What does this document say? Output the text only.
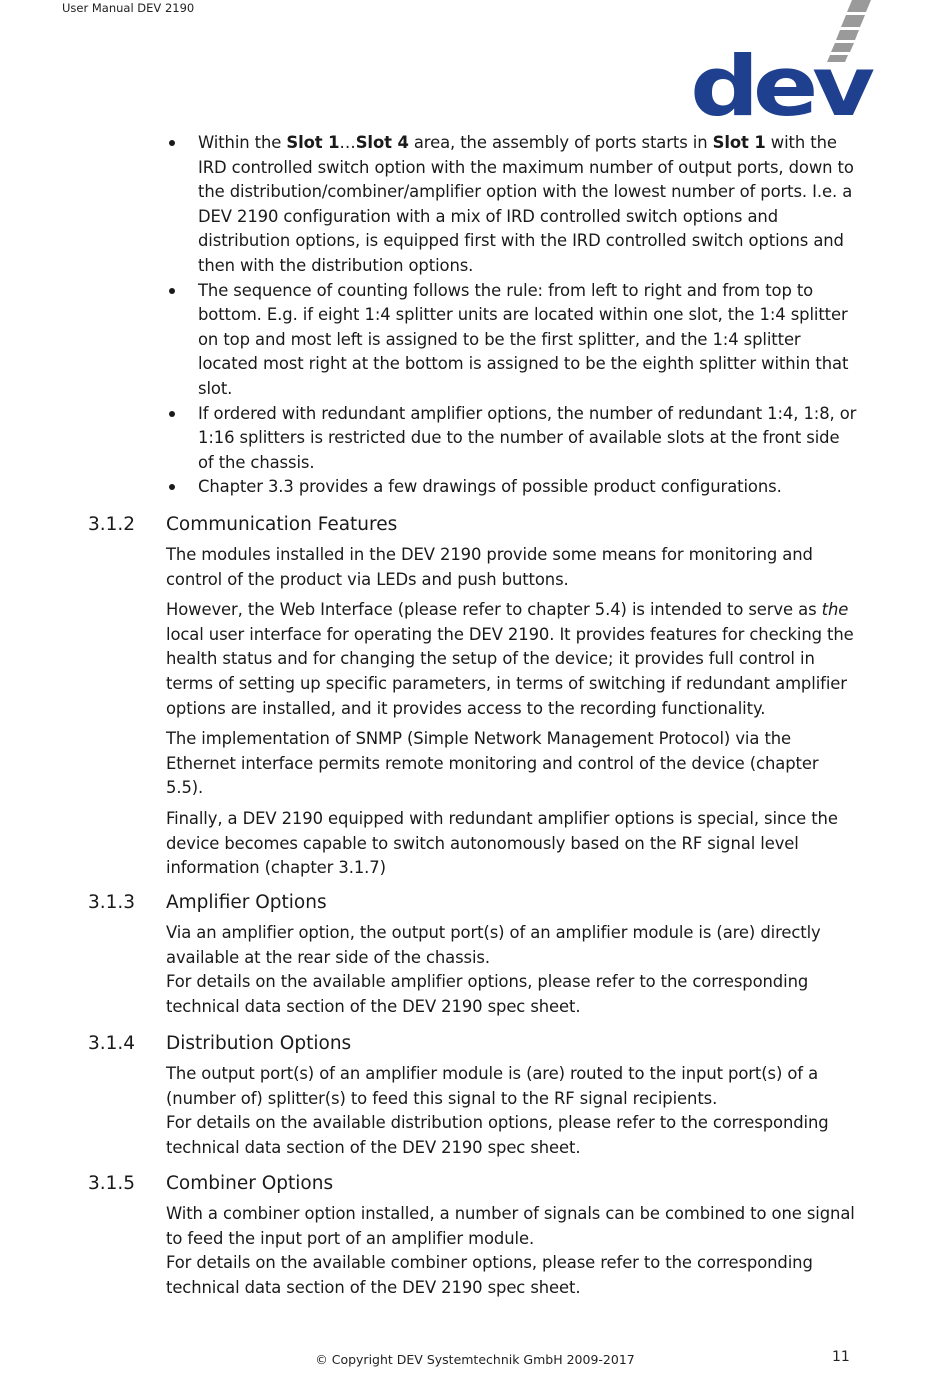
User Manual DEV 2190
dev
Within the Slot 1…Slot 4 area, the assembly of ports starts in Slot 1 with the IRD controlled switch option with the maximum number of output ports, down to the distribution/combiner/amplifier option with the lowest number of ports. I.e. a DEV 2190 configuration with a mix of IRD controlled switch options and distribution options, is equipped first with the IRD controlled switch options and then with the distribution options.
The sequence of counting follows the rule: from left to right and from top to bottom. E.g. if eight 1:4 splitter units are located within one slot, the 1:4 splitter on top and most left is assigned to be the first splitter, and the 1:4 splitter located most right at the bottom is assigned to be the eighth splitter within that slot.
If ordered with redundant amplifier options, the number of redundant 1:4, 1:8, or 1:16 splitters is restricted due to the number of available slots at the front side of the chassis.
Chapter 3.3 provides a few drawings of possible product configurations.
3.1.2 Communication Features

The modules installed in the DEV 2190 provide some means for monitoring and control of the product via LEDs and push buttons.

However, the Web Interface (please refer to chapter 5.4) is intended to serve as the local user interface for operating the DEV 2190. It provides features for checking the health status and for changing the setup of the device; it provides full control in terms of setting up specific parameters, in terms of switching if redundant amplifier options are installed, and it provides access to the recording functionality.

The implementation of SNMP (Simple Network Management Protocol) via the Ethernet interface permits remote monitoring and control of the device (chapter 5.5).

Finally, a DEV 2190 equipped with redundant amplifier options is special, since the device becomes capable to switch autonomously based on the RF signal level information (chapter 3.1.7)

3.1.3 Amplifier Options

Via an amplifier option, the output port(s) of an amplifier module is (are) directly available at the rear side of the chassis.

For details on the available amplifier options, please refer to the corresponding technical data section of the DEV 2190 spec sheet.

3.1.4 Distribution Options

The output port(s) of an amplifier module is (are) routed to the input port(s) of a (number of) splitter(s) to feed this signal to the RF signal recipients.

For details on the available distribution options, please refer to the corresponding technical data section of the DEV 2190 spec sheet.

3.1.5 Combiner Options

With a combiner option installed, a number of signals can be combined to one signal to feed the input port of an amplifier module.

For details on the available combiner options, please refer to the corresponding technical data section of the DEV 2190 spec sheet.

© Copyright DEV Systemtechnik GmbH 2009-2017	11
